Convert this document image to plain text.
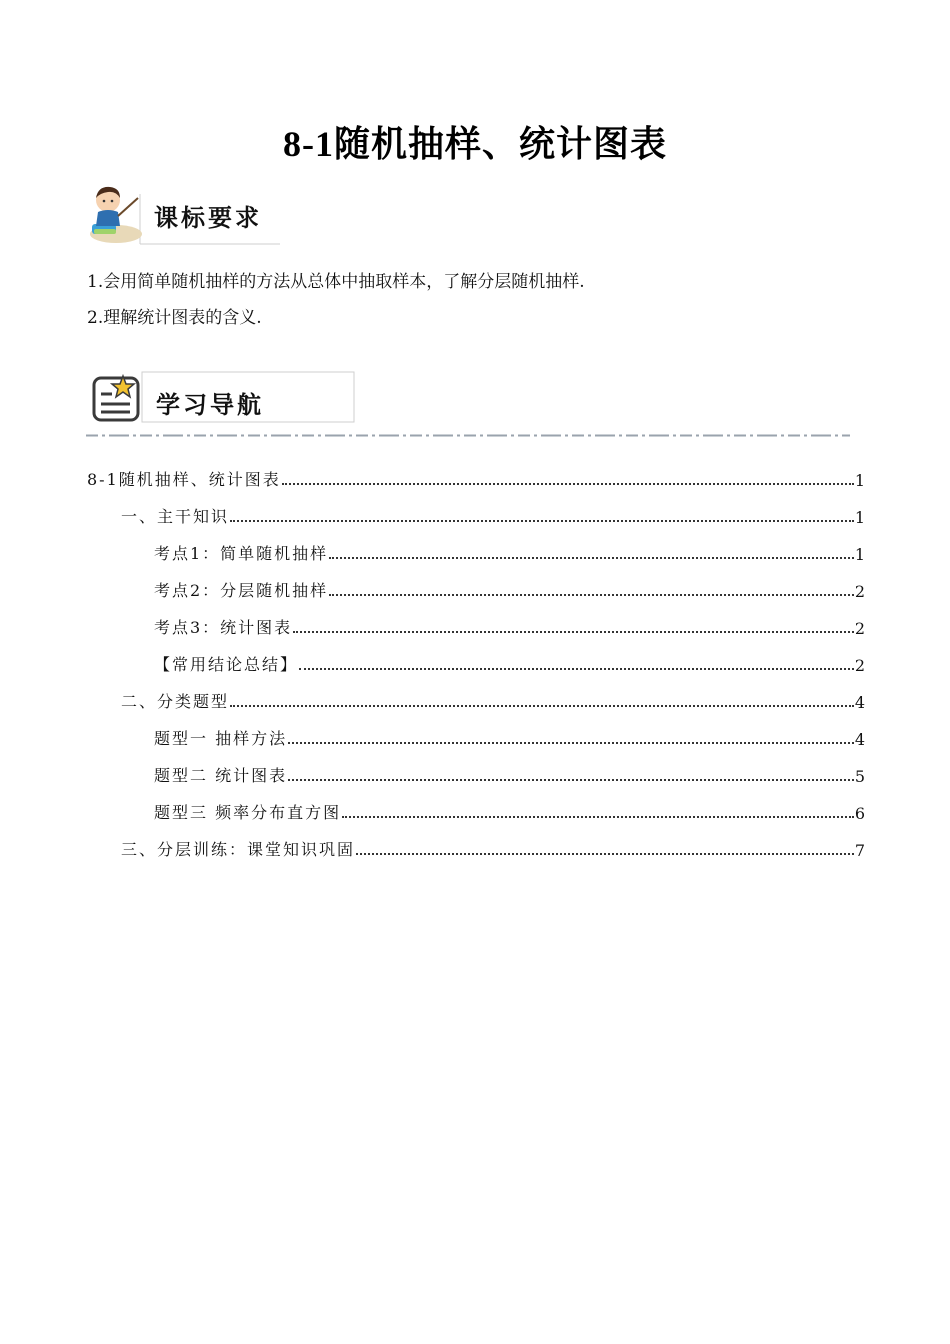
8-1随机抽样、统计图表
课标要求
1.会用简单随机抽样的方法从总体中抽取样本，了解分层随机抽样.
2.理解统计图表的含义.
学习导航
8-1随机抽样、统计图表	1
一、主干知识	1
考点1：简单随机抽样	1
考点2：分层随机抽样	2
考点3：统计图表	2
【常用结论总结】	2
二、分类题型	4
题型一 抽样方法	4
题型二 统计图表	5
题型三 频率分布直方图	6
三、分层训练：课堂知识巩固	7
